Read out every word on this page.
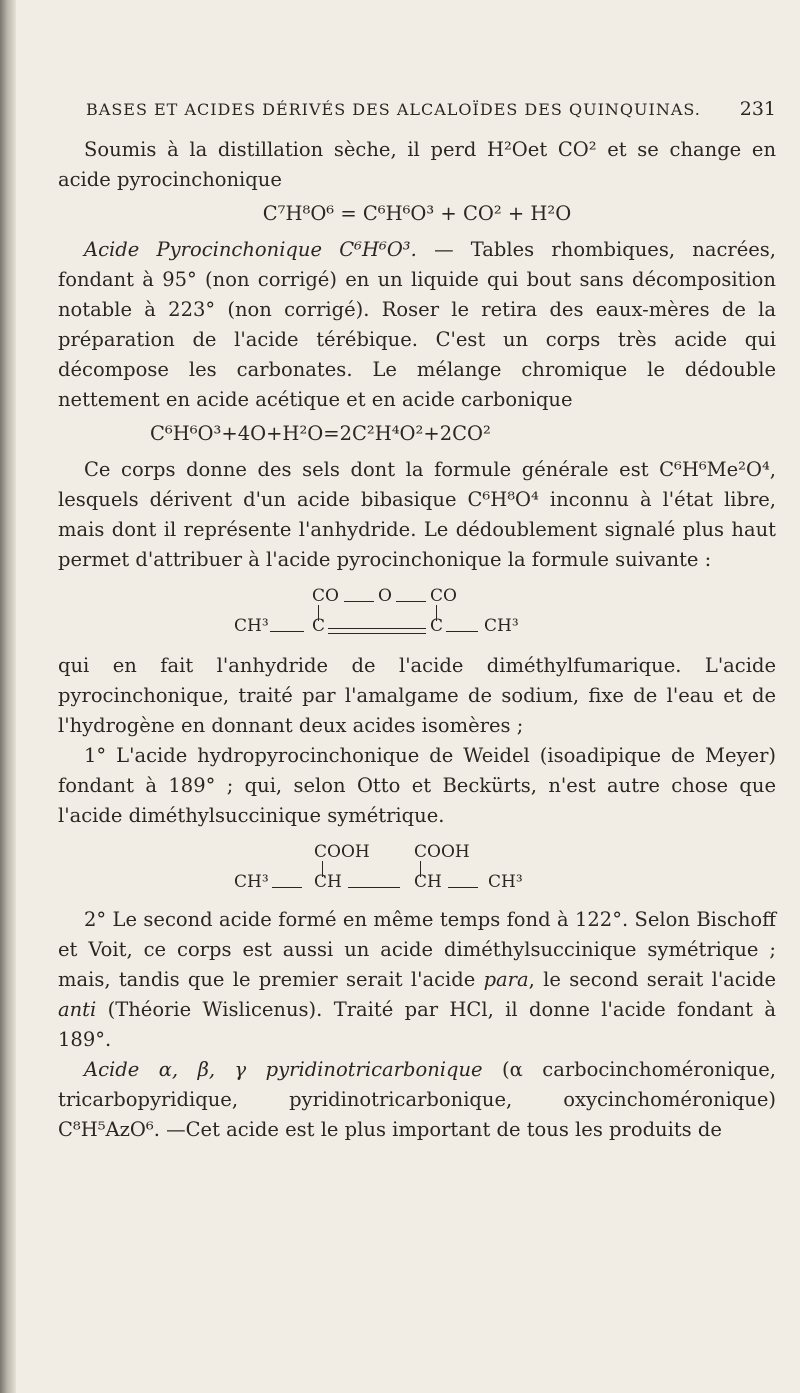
BASES ET ACIDES DÉRIVÉS DES ALCALOÏDES DES QUINQUINAS. 231

Soumis à la distillation sèche, il perd H²Oet CO² et se change en acide pyrocinchonique

C⁷H⁸O⁶ = C⁶H⁶O³ + CO² + H²O

Acide Pyrocinchonique C⁶H⁶O³. — Tables rhombiques, nacrées, fondant à 95° (non corrigé) en un liquide qui bout sans décomposition notable à 223° (non corrigé). Roser le retira des eaux-mères de la préparation de l'acide térébique. C'est un corps très acide qui décompose les carbonates. Le mélange chromique le dédouble nettement en acide acétique et en acide carbonique

C⁶H⁶O³+4O+H²O=2C²H⁴O²+2CO²

Ce corps donne des sels dont la formule générale est C⁶H⁶Me²O⁴, lesquels dérivent d'un acide bibasique C⁶H⁸O⁴ inconnu à l'état libre, mais dont il représente l'anhydride. Le dédoublement signalé plus haut permet d'attribuer à l'acide pyrocinchonique la formule suivante :

CO O CO
CH³	C	C CH³

qui en fait l'anhydride de l'acide diméthylfumarique. L'acide pyrocinchonique, traité par l'amalgame de sodium, fixe de l'eau et de l'hydrogène en donnant deux acides isomères ;

1° L'acide hydropyrocinchonique de Weidel (isoadipique de Meyer) fondant à 189° ; qui, selon Otto et Beckürts, n'est autre chose que l'acide diméthylsuccinique symétrique.

COOH	COOH
CH³	CH	CH	CH³

2° Le second acide formé en même temps fond à 122°. Selon Bischoff et Voit, ce corps est aussi un acide diméthylsuccinique symétrique ; mais, tandis que le premier serait l'acide para, le second serait l'acide anti (Théorie Wislicenus). Traité par HCl, il donne l'acide fondant à 189°.

Acide α, β, γ pyridinotricarbonique (α carbocinchoméronique, tricarbopyridique, pyridinotricarbonique, oxycinchoméronique) C⁸H⁵AzO⁶. —Cet acide est le plus important de tous les produits de
